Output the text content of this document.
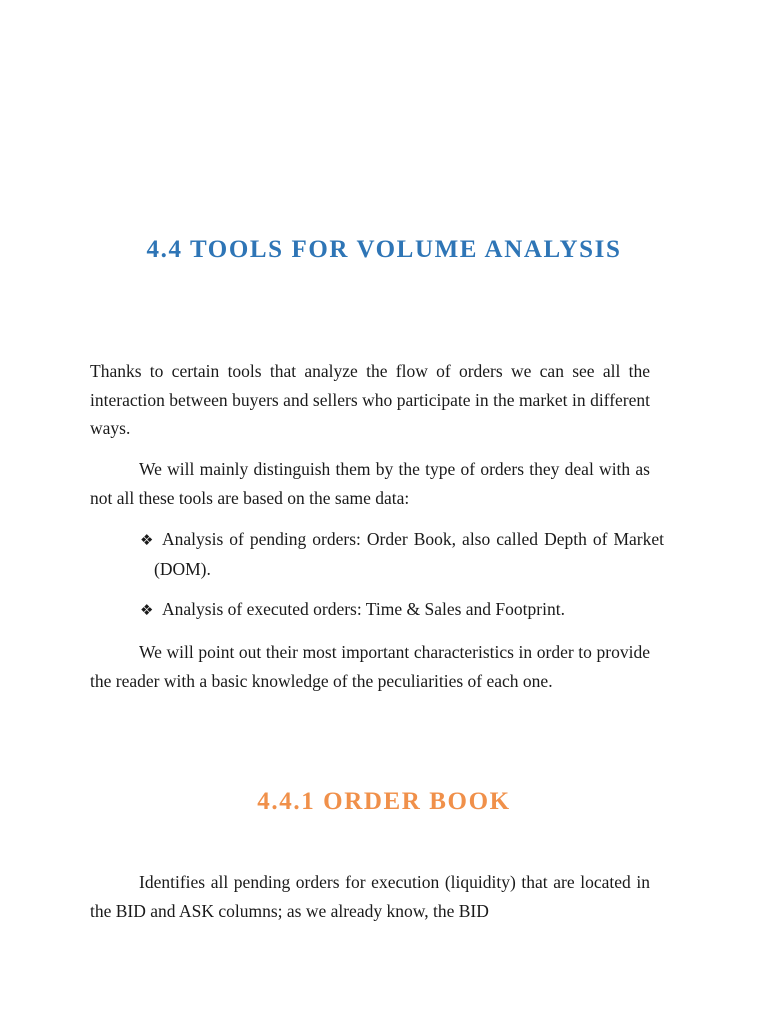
4.4 TOOLS FOR VOLUME ANALYSIS

Thanks to certain tools that analyze the flow of orders we can see all the interaction between buyers and sellers who participate in the market in different ways.

We will mainly distinguish them by the type of orders they deal with as not all these tools are based on the same data:

❖ Analysis of pending orders: Order Book, also called Depth of Market (DOM).
❖ Analysis of executed orders: Time & Sales and Footprint.

We will point out their most important characteristics in order to provide the reader with a basic knowledge of the peculiarities of each one.

4.4.1 ORDER BOOK

Identifies all pending orders for execution (liquidity) that are located in the BID and ASK columns; as we already know, the BID
